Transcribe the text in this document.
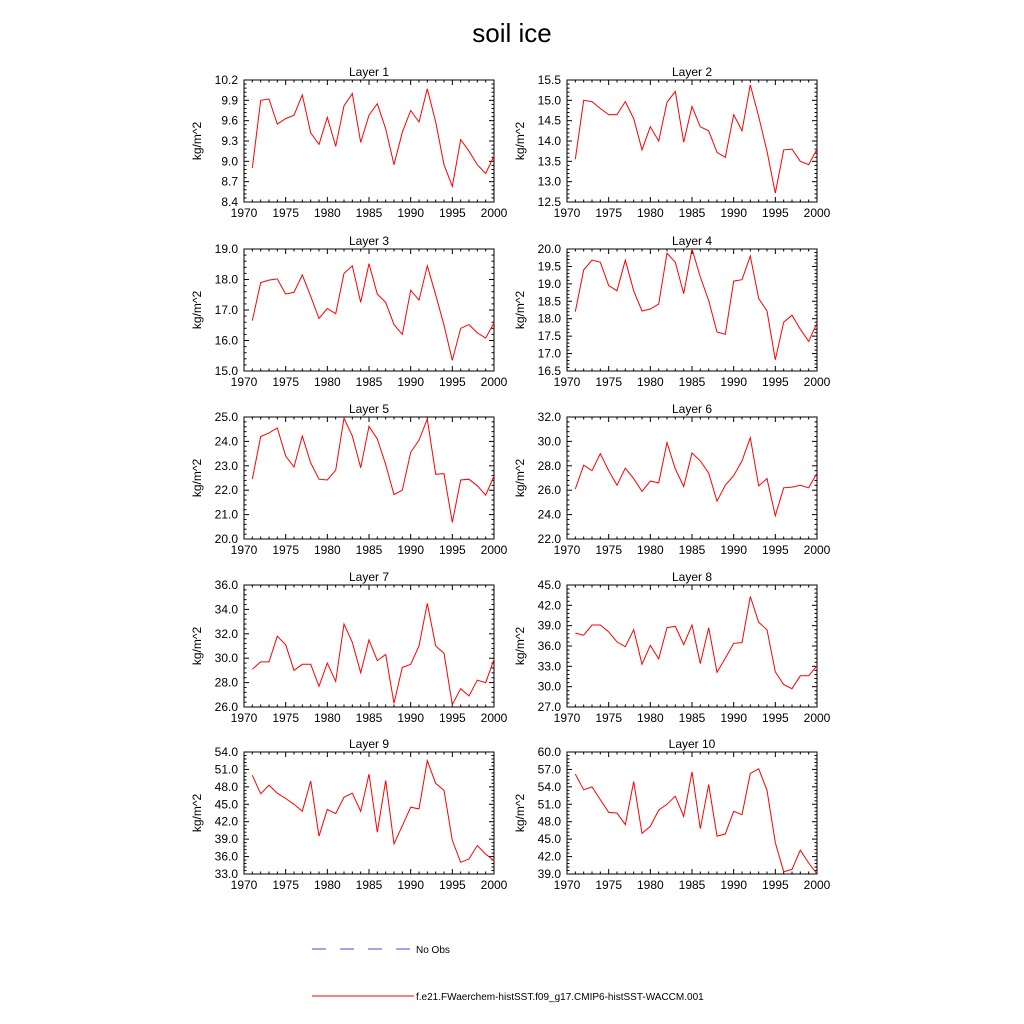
soil ice
Layer 1
kg/m^2
1970 1975 1980 1985 1990 1995 2000
8.4
8.7
9.0
9.3
9.6
9.9
10.2
Layer 2
kg/m^2
1970 1975 1980 1985 1990 1995 2000
12.5
13.0
13.5
14.0
14.5
15.0
15.5
Layer 3
kg/m^2
1970 1975 1980 1985 1990 1995 2000
15.0
16.0
17.0
18.0
19.0
Layer 4
kg/m^2
1970 1975 1980 1985 1990 1995 2000
16.5
17.0
17.5
18.0
18.5
19.0
19.5
20.0
Layer 5
kg/m^2
1970 1975 1980 1985 1990 1995 2000
20.0
21.0
22.0
23.0
24.0
25.0
Layer 6
kg/m^2
1970 1975 1980 1985 1990 1995 2000
22.0
24.0
26.0
28.0
30.0
32.0
Layer 7
kg/m^2
1970 1975 1980 1985 1990 1995 2000
26.0
28.0
30.0
32.0
34.0
36.0
Layer 8
kg/m^2
1970 1975 1980 1985 1990 1995 2000
27.0
30.0
33.0
36.0
39.0
42.0
45.0
Layer 9
kg/m^2
1970 1975 1980 1985 1990 1995 2000
33.0
36.0
39.0
42.0
45.0
48.0
51.0
54.0
Layer 10
kg/m^2
1970 1975 1980 1985 1990 1995 2000
39.0
42.0
45.0
48.0
51.0
54.0
57.0
60.0
No Obs
f.e21.FWaerchem-histSST.f09_g17.CMIP6-histSST-WACCM.001
